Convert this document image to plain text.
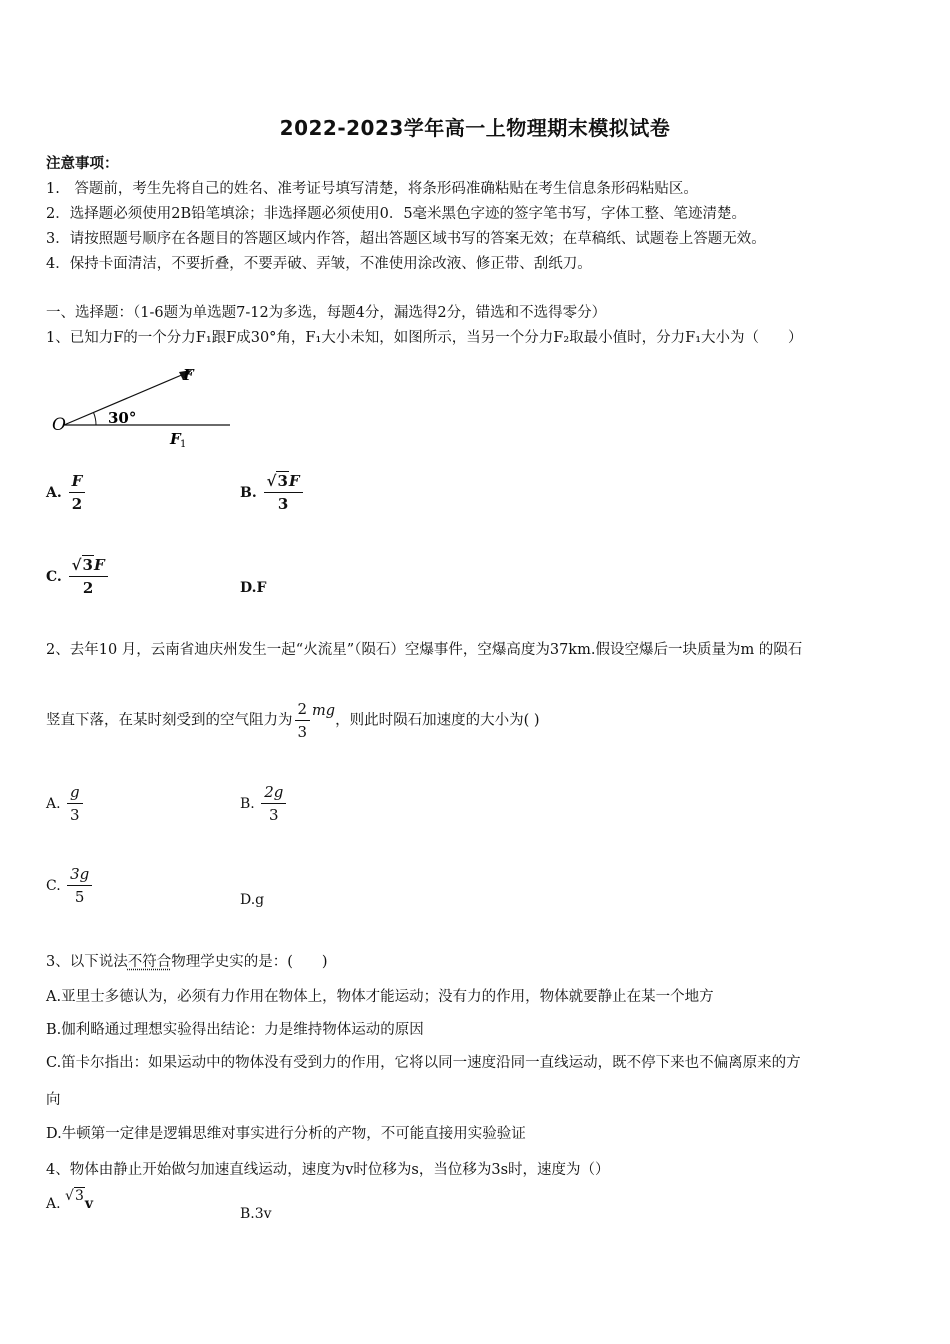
2022-2023学年高一上物理期末模拟试卷
注意事项：
1.　答题前，考生先将自己的姓名、准考证号填写清楚，将条形码准确粘贴在考生信息条形码粘贴区。
2．选择题必须使用2B铅笔填涂；非选择题必须使用0．5毫米黑色字迹的签字笔书写，字体工整、笔迹清楚。
3．请按照题号顺序在各题目的答题区域内作答，超出答题区域书写的答案无效；在草稿纸、试题卷上答题无效。
4．保持卡面清洁，不要折叠，不要弄破、弄皱，不准使用涂改液、修正带、刮纸刀。
一、选择题：（1-6题为单选题7-12为多选，每题4分，漏选得2分，错选和不选得零分）
1、已知力F的一个分力F₁跟F成30°角，F₁大小未知，如图所示，当另一个分力F₂取最小值时，分力F₁大小为（　　）
O
F
30°
F 1
A. $\frac{F}{2}$	B. $\frac{√3F}{3}$
C. $\frac{√3F}{2}$	D.F
2、去年10 月，云南省迪庆州发生一起“火流星”（陨石）空爆事件，空爆高度为37km.假设空爆后一块质量为m 的陨石
竖直下落，在某时刻受到的空气阻力为 $\frac{2}{3}$ mg，则此时陨石加速度的大小为( )
A. $\frac{g}{3}$	B. $\frac{2g}{3}$
C. $\frac{3g}{5}$	D.g
3、以下说法不符合物理学史实的是：(　　)
A.亚里士多德认为，必须有力作用在物体上，物体才能运动；没有力的作用，物体就要静止在某一个地方
B.伽利略通过理想实验得出结论：力是维持物体运动的原因
C.笛卡尔指出：如果运动中的物体没有受到力的作用，它将以同一速度沿同一直线运动，既不停下来也不偏离原来的方
向
D.牛顿第一定律是逻辑思维对事实进行分析的产物，不可能直接用实验验证
4、物体由静止开始做匀加速直线运动，速度为v时位移为s，当位移为3s时，速度为（）
A. √3v
B.3v
